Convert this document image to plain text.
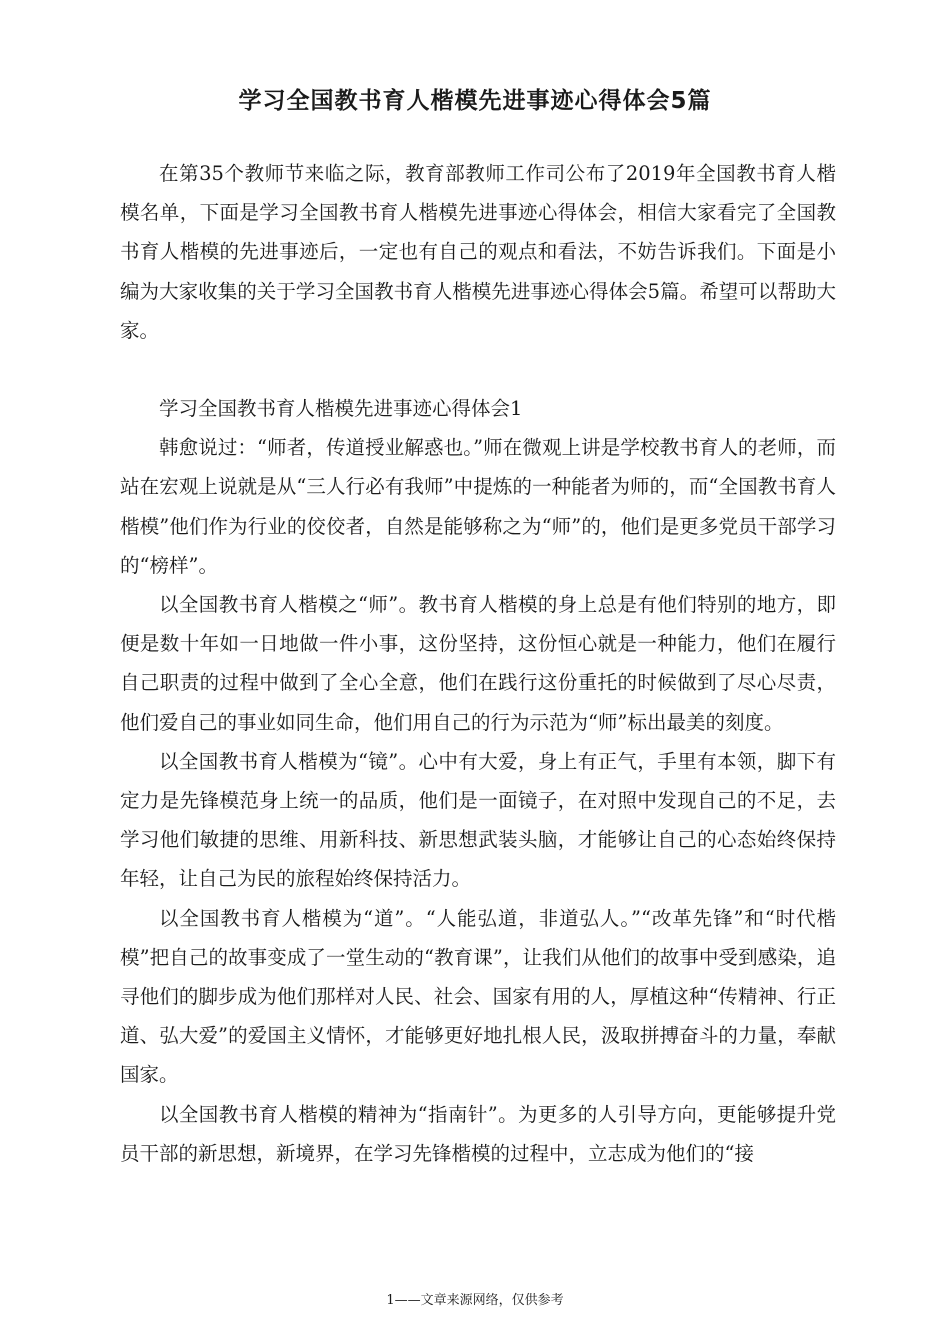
学习全国教书育人楷模先进事迹心得体会5篇

在第35个教师节来临之际，教育部教师工作司公布了2019年全国教书育人楷模名单，下面是学习全国教书育人楷模先进事迹心得体会，相信大家看完了全国教书育人楷模的先进事迹后，一定也有自己的观点和看法，不妨告诉我们。下面是小编为大家收集的关于学习全国教书育人楷模先进事迹心得体会5篇。希望可以帮助大家。

学习全国教书育人楷模先进事迹心得体会1

韩愈说过：“师者，传道授业解惑也。”师在微观上讲是学校教书育人的老师，而站在宏观上说就是从“三人行必有我师”中提炼的一种能者为师的，而“全国教书育人楷模”他们作为行业的佼佼者，自然是能够称之为“师”的，他们是更多党员干部学习的“榜样”。

以全国教书育人楷模之“师”。教书育人楷模的身上总是有他们特别的地方，即便是数十年如一日地做一件小事，这份坚持，这份恒心就是一种能力，他们在履行自己职责的过程中做到了全心全意，他们在践行这份重托的时候做到了尽心尽责，他们爱自己的事业如同生命，他们用自己的行为示范为“师”标出最美的刻度。

以全国教书育人楷模为“镜”。心中有大爱，身上有正气，手里有本领，脚下有定力是先锋模范身上统一的品质，他们是一面镜子，在对照中发现自己的不足，去学习他们敏捷的思维、用新科技、新思想武装头脑，才能够让自己的心态始终保持年轻，让自己为民的旅程始终保持活力。

以全国教书育人楷模为“道”。“人能弘道，非道弘人。”“改革先锋”和“时代楷模”把自己的故事变成了一堂生动的“教育课”，让我们从他们的故事中受到感染，追寻他们的脚步成为他们那样对人民、社会、国家有用的人，厚植这种“传精神、行正道、弘大爱”的爱国主义情怀，才能够更好地扎根人民，汲取拼搏奋斗的力量，奉献国家。

以全国教书育人楷模的精神为“指南针”。为更多的人引导方向，更能够提升党员干部的新思想，新境界，在学习先锋楷模的过程中，立志成为他们的“接

1——文章来源网络，仅供参考
